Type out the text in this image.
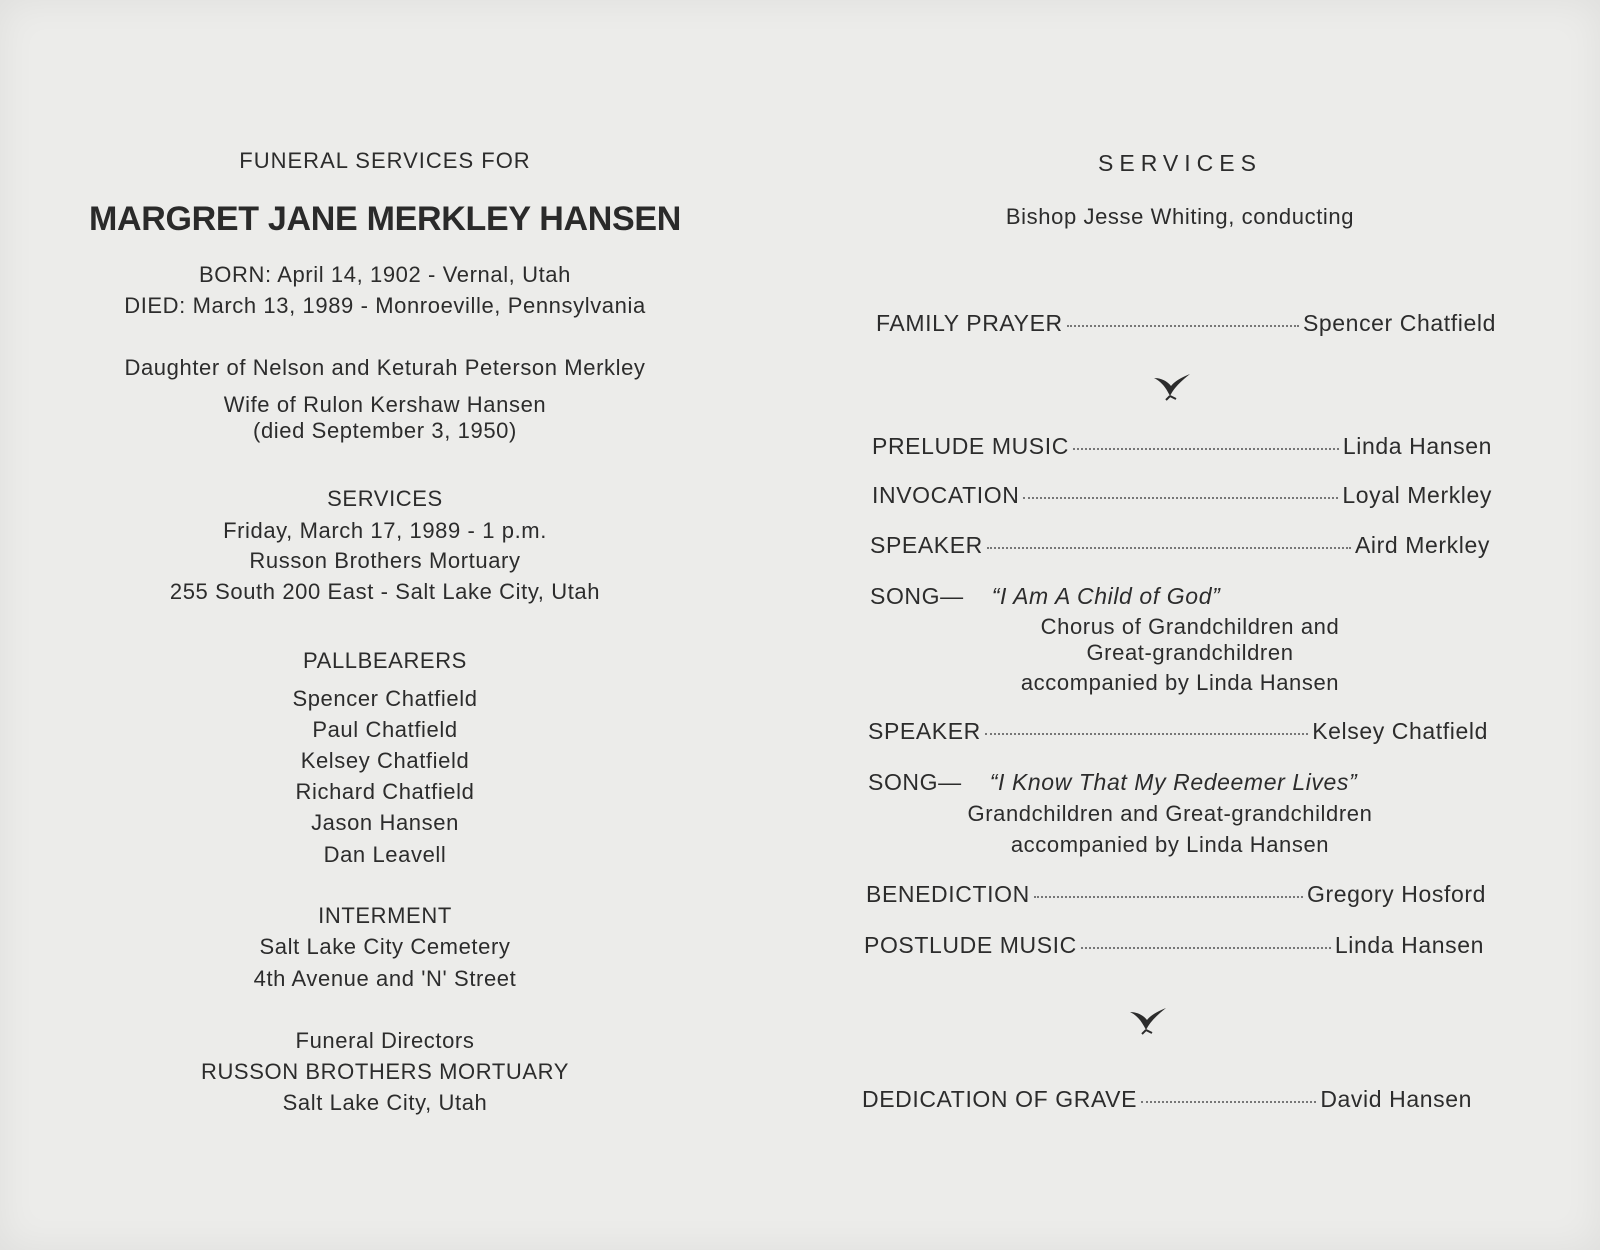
FUNERAL SERVICES FOR
MARGRET JANE MERKLEY HANSEN
BORN: April 14, 1902 - Vernal, Utah
DIED: March 13, 1989 - Monroeville, Pennsylvania
Daughter of Nelson and Keturah Peterson Merkley
Wife of Rulon Kershaw Hansen
(died September 3, 1950)
SERVICES
Friday, March 17, 1989 - 1 p.m.
Russon Brothers Mortuary
255 South 200 East - Salt Lake City, Utah
PALLBEARERS
Spencer Chatfield
Paul Chatfield
Kelsey Chatfield
Richard Chatfield
Jason Hansen
Dan Leavell
INTERMENT
Salt Lake City Cemetery
4th Avenue and 'N' Street
Funeral Directors
RUSSON BROTHERS MORTUARY
Salt Lake City, Utah
SERVICES
Bishop Jesse Whiting, conducting
FAMILY PRAYER	Spencer Chatfield
PRELUDE MUSIC	Linda Hansen
INVOCATION	Loyal Merkley
SPEAKER	Aird Merkley
SONG— “I Am A Child of God”
Chorus of Grandchildren and
Great-grandchildren
accompanied by Linda Hansen
SPEAKER	Kelsey Chatfield
SONG— “I Know That My Redeemer Lives”
Grandchildren and Great-grandchildren
accompanied by Linda Hansen
BENEDICTION	Gregory Hosford
POSTLUDE MUSIC	Linda Hansen
DEDICATION OF GRAVE	David Hansen
